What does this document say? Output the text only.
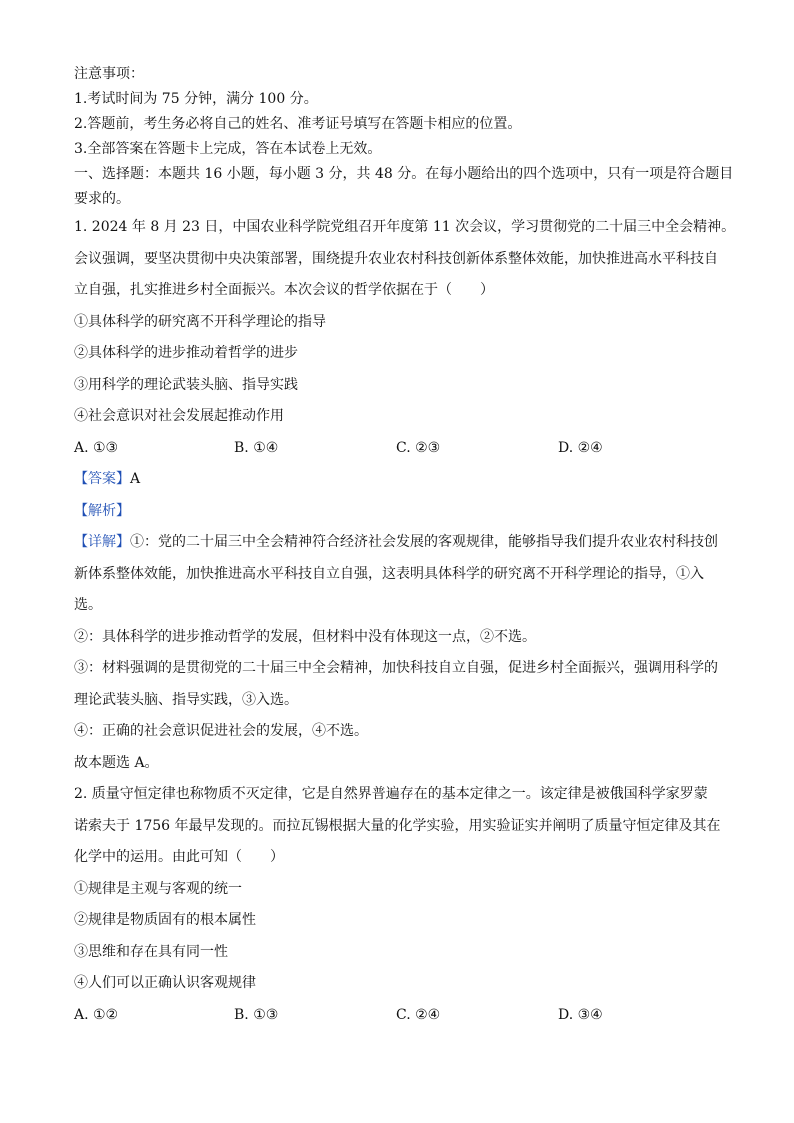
注意事项：
1.考试时间为 75 分钟，满分 100 分。
2.答题前，考生务必将自己的姓名、准考证号填写在答题卡相应的位置。
3.全部答案在答题卡上完成，答在本试卷上无效。
一、选择题：本题共 16 小题，每小题 3 分，共 48 分。在每小题给出的四个选项中，只有一项是符合题目
要求的。
1. 2024 年 8 月 23 日，中国农业科学院党组召开年度第 11 次会议，学习贯彻党的二十届三中全会精神。
会议强调，要坚决贯彻中央决策部署，围绕提升农业农村科技创新体系整体效能，加快推进高水平科技自
立自强，扎实推进乡村全面振兴。本次会议的哲学依据在于（　　）
①具体科学的研究离不开科学理论的指导
②具体科学的进步推动着哲学的进步
③用科学的理论武装头脑、指导实践
④社会意识对社会发展起推动作用
A. ①③	B. ①④	C. ②③	D. ②④
【答案】A
【解析】
【详解】①：党的二十届三中全会精神符合经济社会发展的客观规律，能够指导我们提升农业农村科技创
新体系整体效能，加快推进高水平科技自立自强，这表明具体科学的研究离不开科学理论的指导，①入
选。
②：具体科学的进步推动哲学的发展，但材料中没有体现这一点，②不选。
③：材料强调的是贯彻党的二十届三中全会精神，加快科技自立自强，促进乡村全面振兴，强调用科学的
理论武装头脑、指导实践，③入选。
④：正确的社会意识促进社会的发展，④不选。
故本题选 A。
2. 质量守恒定律也称物质不灭定律，它是自然界普遍存在的基本定律之一。该定律是被俄国科学家罗蒙
诺索夫于 1756 年最早发现的。而拉瓦锡根据大量的化学实验，用实验证实并阐明了质量守恒定律及其在
化学中的运用。由此可知（　　）
①规律是主观与客观的统一
②规律是物质固有的根本属性
③思维和存在具有同一性
④人们可以正确认识客观规律
A. ①②	B. ①③	C. ②④	D. ③④
